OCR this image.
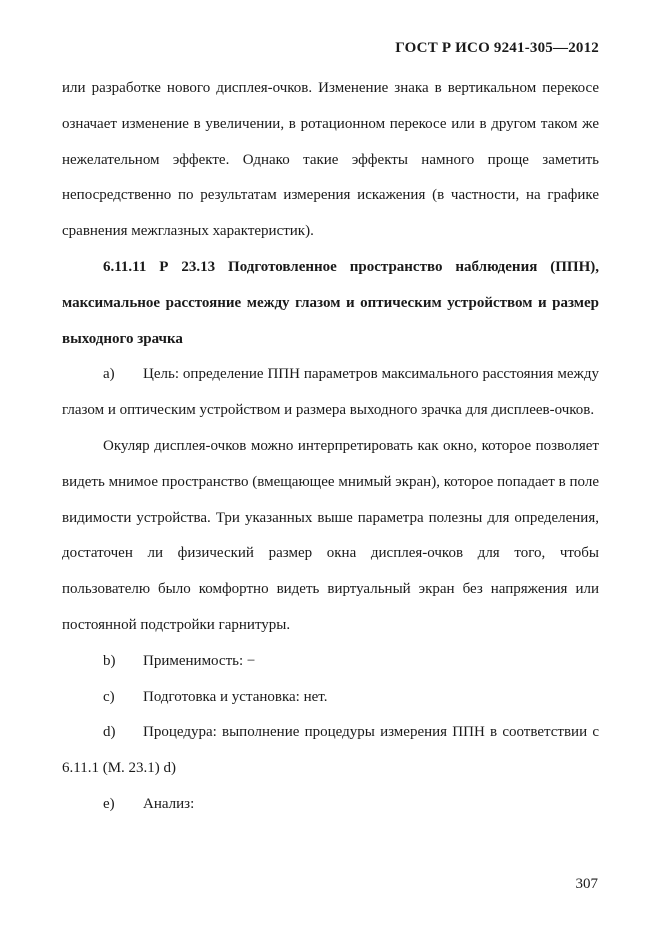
ГОСТ Р ИСО 9241-305—2012

или разработке нового дисплея-очков. Изменение знака в вертикальном перекосе означает изменение в увеличении, в ротационном перекосе или в другом таком же нежелательном эффекте. Однако такие эффекты намного проще заметить непосредственно по результатам измерения искажения (в частности, на графике сравнения межглазных характеристик).

6.11.11 Р 23.13 Подготовленное пространство наблюдения (ППН), максимальное расстояние между глазом и оптическим устройством и размер выходного зрачка

a) Цель: определение ППН параметров максимального расстояния между глазом и оптическим устройством и размера выходного зрачка для дисплеев-очков.

Окуляр дисплея-очков можно интерпретировать как окно, которое позволяет видеть мнимое пространство (вмещающее мнимый экран), которое попадает в поле видимости устройства. Три указанных выше параметра полезны для определения, достаточен ли физический размер окна дисплея-очков для того, чтобы пользователю было комфортно видеть виртуальный экран без напряжения или постоянной подстройки гарнитуры.

b) Применимость: −

c) Подготовка и установка: нет.

d) Процедура: выполнение процедуры измерения ППН в соответствии с 6.11.1 (М. 23.1) d)

e) Анализ:

307
